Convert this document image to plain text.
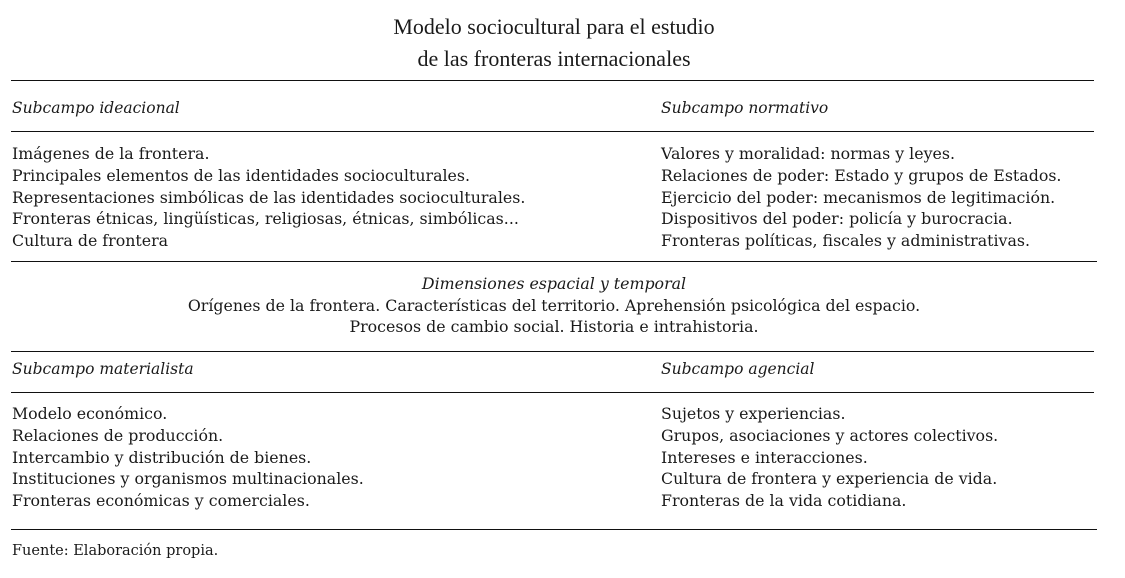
Modelo sociocultural para el estudio
de las fronteras internacionales
Subcampo ideacional	Subcampo normativo
Imágenes de la frontera.
Principales elementos de las identidades socioculturales.
Representaciones simbólicas de las identidades socioculturales.
Fronteras étnicas, lingüísticas, religiosas, étnicas, simbólicas...
Cultura de frontera
Valores y moralidad: normas y leyes.
Relaciones de poder: Estado y grupos de Estados.
Ejercicio del poder: mecanismos de legitimación.
Dispositivos del poder: policía y burocracia.
Fronteras políticas, fiscales y administrativas.
Dimensiones espacial y temporal
Orígenes de la frontera. Características del territorio. Aprehensión psicológica del espacio.
Procesos de cambio social. Historia e intrahistoria.
Subcampo materialista	Subcampo agencial
Modelo económico.
Relaciones de producción.
Intercambio y distribución de bienes.
Instituciones y organismos multinacionales.
Fronteras económicas y comerciales.
Sujetos y experiencias.
Grupos, asociaciones y actores colectivos.
Intereses e interacciones.
Cultura de frontera y experiencia de vida.
Fronteras de la vida cotidiana.
Fuente: Elaboración propia.
